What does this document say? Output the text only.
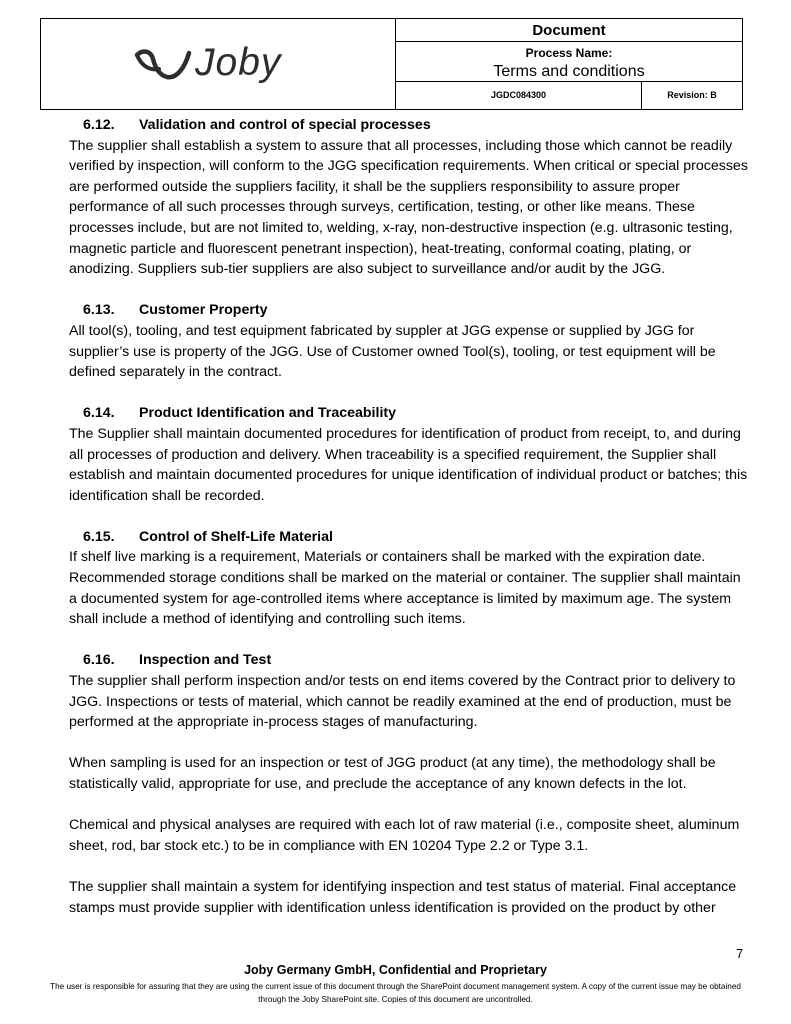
Joby
Document
Process Name:
Terms and conditions
JGDC084300	Revision: B
6.12.	Validation and control of special processes

The supplier shall establish a system to assure that all processes, including those which cannot be readily verified by inspection, will conform to the JGG specification requirements. When critical or special processes are performed outside the suppliers facility, it shall be the suppliers responsibility to assure proper performance of all such processes through surveys, certification, testing, or other like means. These processes include, but are not limited to, welding, x-ray, non-destructive inspection (e.g. ultrasonic testing, magnetic particle and fluorescent penetrant inspection), heat-treating, conformal coating, plating, or anodizing. Suppliers sub-tier suppliers are also subject to surveillance and/or audit by the JGG.

6.13.	Customer Property

All tool(s), tooling, and test equipment fabricated by suppler at JGG expense or supplied by JGG for supplier’s use is property of the JGG. Use of Customer owned Tool(s), tooling, or test equipment will be defined separately in the contract.

6.14.	Product Identification and Traceability

The Supplier shall maintain documented procedures for identification of product from receipt, to, and during all processes of production and delivery. When traceability is a specified requirement, the Supplier shall establish and maintain documented procedures for unique identification of individual product or batches; this identification shall be recorded.

6.15.	Control of Shelf-Life Material

If shelf live marking is a requirement, Materials or containers shall be marked with the expiration date. Recommended storage conditions shall be marked on the material or container. The supplier shall maintain a documented system for age-controlled items where acceptance is limited by maximum age. The system shall include a method of identifying and controlling such items.

6.16.	Inspection and Test

The supplier shall perform inspection and/or tests on end items covered by the Contract prior to delivery to JGG. Inspections or tests of material, which cannot be readily examined at the end of production, must be performed at the appropriate in-process stages of manufacturing.

When sampling is used for an inspection or test of JGG product (at any time), the methodology shall be statistically valid, appropriate for use, and preclude the acceptance of any known defects in the lot.

Chemical and physical analyses are required with each lot of raw material (i.e., composite sheet, aluminum sheet, rod, bar stock etc.) to be in compliance with EN 10204 Type 2.2 or Type 3.1.

The supplier shall maintain a system for identifying inspection and test status of material. Final acceptance stamps must provide supplier with identification unless identification is provided on the product by other

7
Joby Germany GmbH, Confidential and Proprietary
The user is responsible for assuring that they are using the current issue of this document through the SharePoint document management system. A copy of the current issue may be obtained through the Joby SharePoint site. Copies of this document are uncontrolled.
